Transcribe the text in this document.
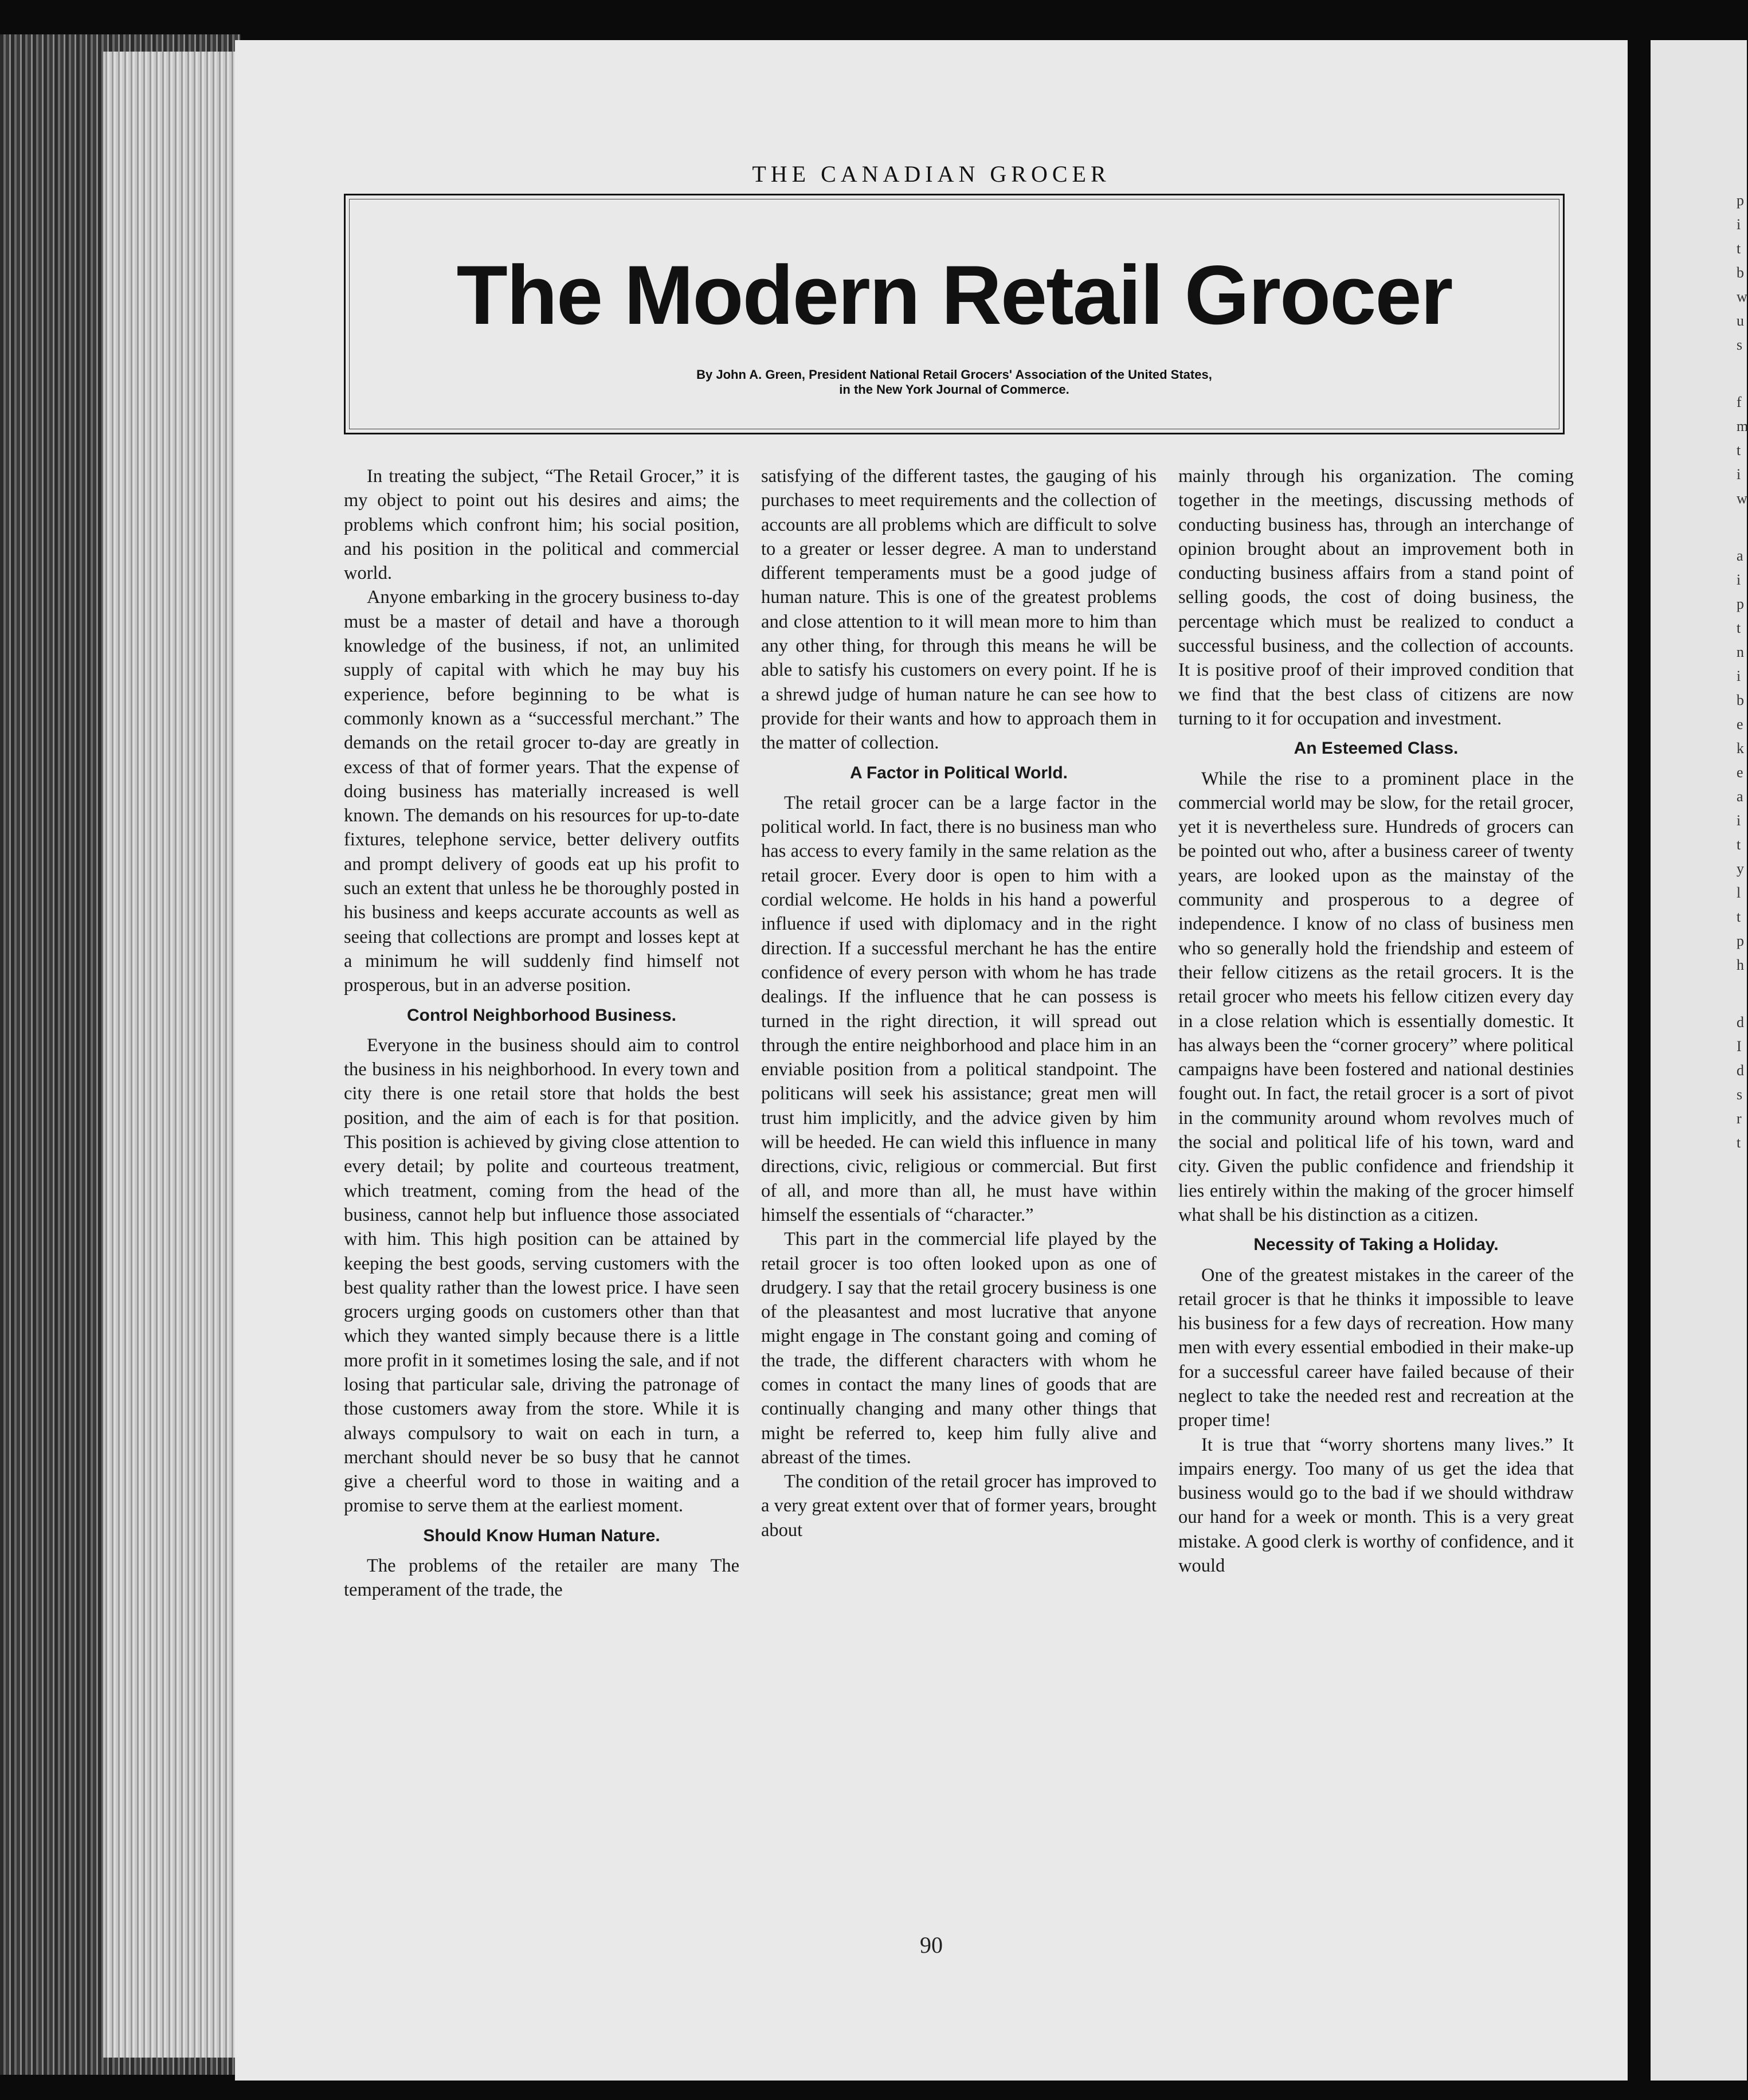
THE CANADIAN GROCER
The Modern Retail Grocer
By John A. Green, President National Retail Grocers' Association of the United States,
in the New York Journal of Commerce.

In treating the subject, “The Retail Grocer,” it is my object to point out his desires and aims; the problems which confront him; his social position, and his position in the political and commercial world.

Anyone embarking in the grocery business to-day must be a master of detail and have a thorough knowledge of the business, if not, an unlimited supply of capital with which he may buy his experience, before beginning to be what is commonly known as a “successful merchant.” The demands on the retail grocer to-day are greatly in excess of that of former years. That the expense of doing business has materially increased is well known. The demands on his resources for up-to-date fixtures, telephone service, better delivery outfits and prompt delivery of goods eat up his profit to such an extent that unless he be thoroughly posted in his business and keeps accurate accounts as well as seeing that collections are prompt and losses kept at a minimum he will suddenly find himself not prosperous, but in an adverse position.

Control Neighborhood Business.

Everyone in the business should aim to control the business in his neighborhood. In every town and city there is one retail store that holds the best position, and the aim of each is for that position. This position is achieved by giving close attention to every detail; by polite and courteous treatment, which treatment, coming from the head of the business, cannot help but influence those associated with him. This high position can be attained by keeping the best goods, serving customers with the best quality rather than the lowest price. I have seen grocers urging goods on customers other than that which they wanted simply because there is a little more profit in it sometimes losing the sale, and if not losing that particular sale, driving the patronage of those customers away from the store. While it is always compulsory to wait on each in turn, a merchant should never be so busy that he cannot give a cheerful word to those in waiting and a promise to serve them at the earliest moment.

Should Know Human Nature.

The problems of the retailer are many The temperament of the trade, the

satisfying of the different tastes, the gauging of his purchases to meet requirements and the collection of accounts are all problems which are difficult to solve to a greater or lesser degree. A man to understand different temperaments must be a good judge of human nature. This is one of the greatest problems and close attention to it will mean more to him than any other thing, for through this means he will be able to satisfy his customers on every point. If he is a shrewd judge of human nature he can see how to provide for their wants and how to approach them in the matter of collection.

A Factor in Political World.

The retail grocer can be a large factor in the political world. In fact, there is no business man who has access to every family in the same relation as the retail grocer. Every door is open to him with a cordial welcome. He holds in his hand a powerful influence if used with diplomacy and in the right direction. If a successful merchant he has the entire confidence of every person with whom he has trade dealings. If the influence that he can possess is turned in the right direction, it will spread out through the entire neighborhood and place him in an enviable position from a political standpoint. The politicans will seek his assistance; great men will trust him implicitly, and the advice given by him will be heeded. He can wield this influence in many directions, civic, religious or commercial. But first of all, and more than all, he must have within himself the essentials of “character.”

This part in the commercial life played by the retail grocer is too often looked upon as one of drudgery. I say that the retail grocery business is one of the pleasantest and most lucrative that anyone might engage in The constant going and coming of the trade, the different characters with whom he comes in contact the many lines of goods that are continually changing and many other things that might be referred to, keep him fully alive and abreast of the times.

The condition of the retail grocer has improved to a very great extent over that of former years, brought about

mainly through his organization. The coming together in the meetings, discussing methods of conducting business has, through an interchange of opinion brought about an improvement both in conducting business affairs from a stand point of selling goods, the cost of doing business, the percentage which must be realized to conduct a successful business, and the collection of accounts. It is positive proof of their improved condition that we find that the best class of citizens are now turning to it for occupation and investment.

An Esteemed Class.

While the rise to a prominent place in the commercial world may be slow, for the retail grocer, yet it is nevertheless sure. Hundreds of grocers can be pointed out who, after a business career of twenty years, are looked upon as the mainstay of the community and prosperous to a degree of independence. I know of no class of business men who so generally hold the friendship and esteem of their fellow citizens as the retail grocers. It is the retail grocer who meets his fellow citizen every day in a close relation which is essentially domestic. It has always been the “corner grocery” where political campaigns have been fostered and national destinies fought out. In fact, the retail grocer is a sort of pivot in the community around whom revolves much of the social and political life of his town, ward and city. Given the public confidence and friendship it lies entirely within the making of the grocer himself what shall be his distinction as a citizen.

Necessity of Taking a Holiday.

One of the greatest mistakes in the career of the retail grocer is that he thinks it impossible to leave his business for a few days of recreation. How many men with every essential embodied in their make-up for a successful career have failed because of their neglect to take the needed rest and recreation at the proper time!

It is true that “worry shortens many lives.” It impairs energy. Too many of us get the idea that business would go to the bad if we should withdraw our hand for a week or month. This is a very great mistake. A good clerk is worthy of confidence, and it would

90
p
i
t
b
w
u
s
f
m
t
i
w
a
i
p
t
n
i
b
e
k
e
a
i
t
y
l
t
p
h
d
I
d
s
r
t
